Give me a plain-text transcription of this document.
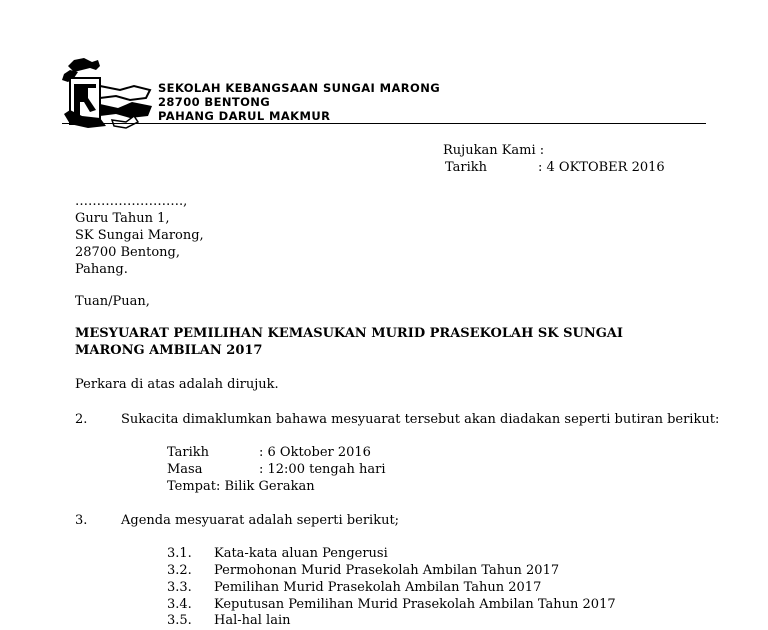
SEKOLAH KEBANGSAAN SUNGAI MARONG
28700 BENTONG
PAHANG DARUL MAKMUR
Rujukan Kami :
Tarikh	: 4 OKTOBER 2016
…………………….,
Guru Tahun 1,
SK Sungai Marong,
28700 Bentong,
Pahang.
Tuan/Puan,
MESYUARAT PEMILIHAN KEMASUKAN MURID PRASEKOLAH SK SUNGAI
MARONG AMBILAN 2017
Perkara di atas adalah dirujuk.
2.	Sukacita dimaklumkan bahawa mesyuarat tersebut akan diadakan seperti butiran berikut:
Tarikh	: 6 Oktober 2016
Masa	: 12:00 tengah hari
Tempat: Bilik Gerakan
3.	Agenda mesyuarat adalah seperti berikut;
3.1. Kata-kata aluan Pengerusi
3.2. Permohonan Murid Prasekolah Ambilan Tahun 2017
3.3. Pemilihan Murid Prasekolah Ambilan Tahun 2017
3.4. Keputusan Pemilihan Murid Prasekolah Ambilan Tahun 2017
3.5. Hal-hal lain
